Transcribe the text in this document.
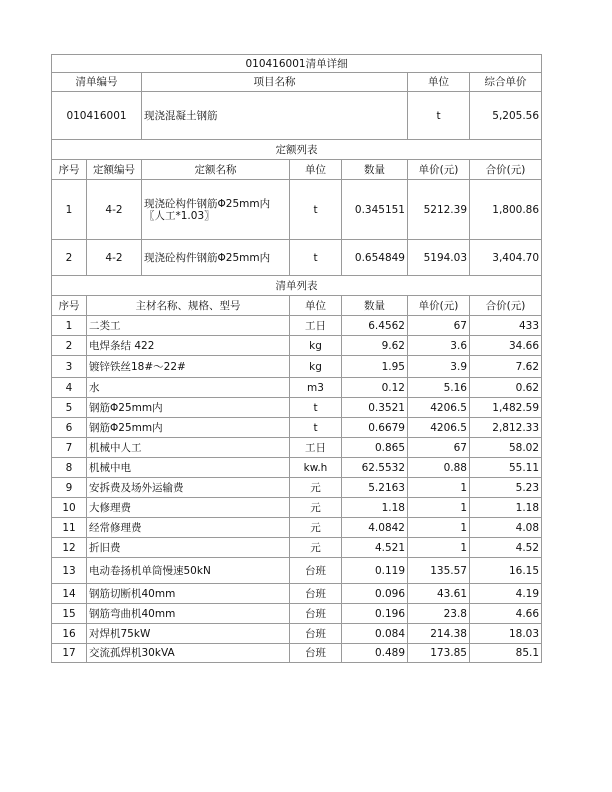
010416001清单详细						
清单编号		项目名称			单位	综合单价
010416001		现浇混凝土钢筋			t	5,205.56
定额列表						
序号	定额编号	定额名称	单位	数量	单价(元)	合价(元)
1	4-2	现浇砼构件钢筋Φ25mm内〖人工*1.03〗	t	0.345151	5212.39	1,800.86
2	4-2	现浇砼构件钢筋Φ25mm内	t	0.654849	5194.03	3,404.70
清单列表						
序号	主材名称、规格、型号		单位	数量	单价(元)	合价(元)
1	二类工		工日	6.4562	67	433
2	电焊条结 422		kg	9.62	3.6	34.66
3	镀锌铁丝18#～22#		kg	1.95	3.9	7.62
4	水		m3	0.12	5.16	0.62
5	钢筋Φ25mm内		t	0.3521	4206.5	1,482.59
6	钢筋Φ25mm内		t	0.6679	4206.5	2,812.33
7	机械中人工		工日	0.865	67	58.02
8	机械中电		kw.h	62.5532	0.88	55.11
9	安拆费及场外运输费		元	5.2163	1	5.23
10	大修理费		元	1.18	1	1.18
11	经常修理费		元	4.0842	1	4.08
12	折旧费		元	4.521	1	4.52
13	电动卷扬机单筒慢速50kN		台班	0.119	135.57	16.15
14	钢筋切断机40mm		台班	0.096	43.61	4.19
15	钢筋弯曲机40mm		台班	0.196	23.8	4.66
16	对焊机75kW		台班	0.084	214.38	18.03
17	交流孤焊机30kVA		台班	0.489	173.85	85.1
